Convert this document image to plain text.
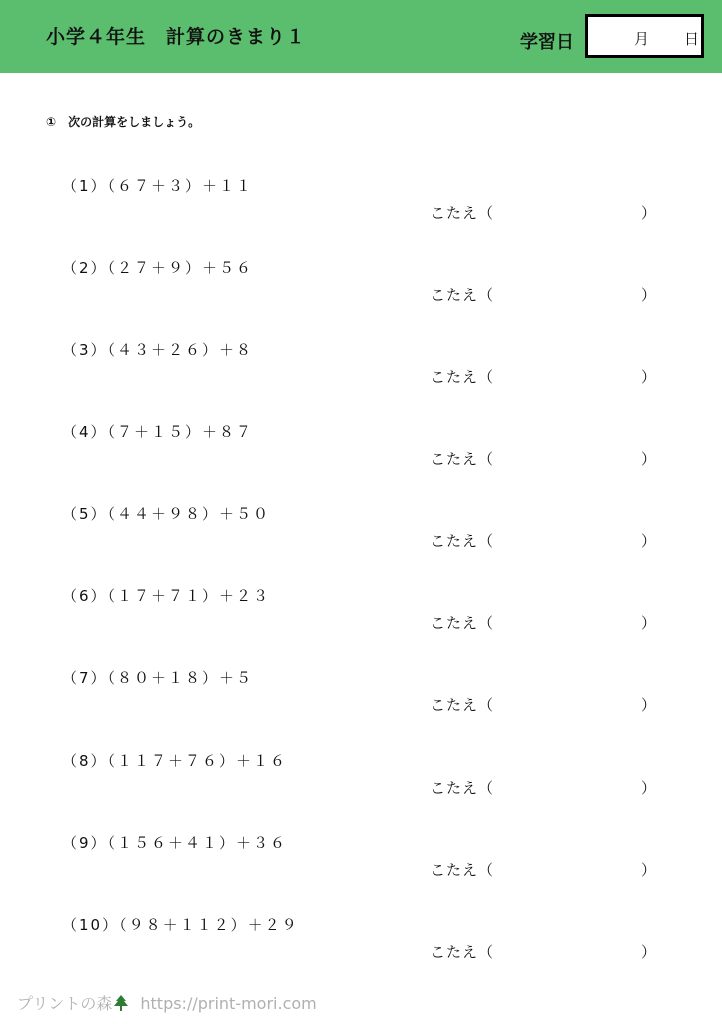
小学４年生　計算のきまり１	学習日	月 日
①　次の計算をしましょう。
（1）（６７＋３）＋１１
こたえ（	）
（2）（２７＋９）＋５６
こたえ（	）
（3）（４３＋２６）＋８
こたえ（	）
（4）（７＋１５）＋８７
こたえ（	）
（5）（４４＋９８）＋５０
こたえ（	）
（6）（１７＋７１）＋２３
こたえ（	）
（7）（８０＋１８）＋５
こたえ（	）
（8）（１１７＋７６）＋１６
こたえ（	）
（9）（１５６＋４１）＋３６
こたえ（	）
（10）（９８＋１１２）＋２９
こたえ（	）
プリントの森 https://print-mori.com
